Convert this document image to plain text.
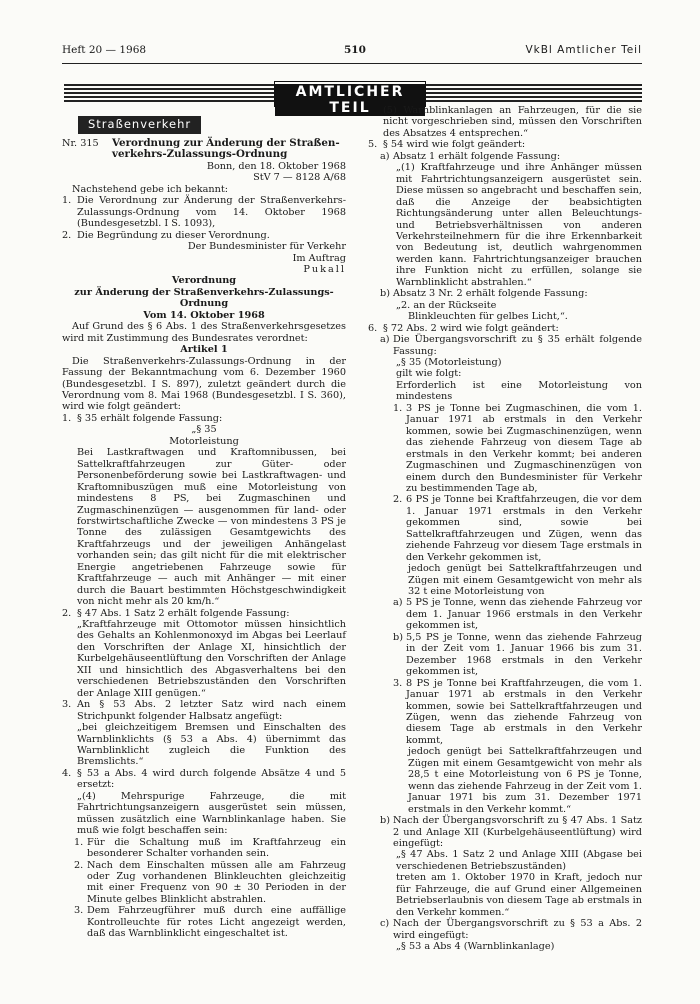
Heft 20 — 1968	510	VkBl Amtlicher Teil
AMTLICHER TEIL
Straßenverkehr
Nr. 315	Verordnung zur Änderung der Straßen-verkehrs-Zulassungs-Ordnung

Bonn, den 18. Oktober 1968

StV 7 — 8128 A/68

Nachstehend gebe ich bekannt:

1. Die Verordnung zur Änderung der Straßenverkehrs-Zulassungs-Ordnung vom 14. Oktober 1968 (Bundesgesetzbl. I S. 1093),
2. Die Begründung zu dieser Verordnung.

Der Bundesminister für Verkehr

Im Auftrag

Pukall

Verordnung

zur Änderung der Straßenverkehrs-Zulassungs-Ordnung

Vom 14. Oktober 1968

Auf Grund des § 6 Abs. 1 des Straßenverkehrsgesetzes wird mit Zustimmung des Bundesrates verordnet:

Artikel 1

Die Straßenverkehrs-Zulassungs-Ordnung in der Fassung der Bekanntmachung vom 6. Dezember 1960 (Bundesgesetzbl. I S. 897), zuletzt geändert durch die Verordnung vom 8. Mai 1968 (Bundesgesetzbl. I S. 360), wird wie folgt geändert:

1. § 35 erhält folgende Fassung:

„§ 35

Motorleistung

Bei Lastkraftwagen und Kraftomnibussen, bei Sattelkraftfahrzeugen zur Güter- oder Personenbeförderung sowie bei Lastkraftwagen- und Kraftomnibuszügen muß eine Motorleistung von mindestens 8 PS, bei Zugmaschinen und Zugmaschinenzügen — ausgenommen für land- oder forstwirtschaftliche Zwecke — von mindestens 3 PS je Tonne des zulässigen Gesamtgewichts des Kraftfahrzeugs und der jeweiligen Anhängelast vorhanden sein; das gilt nicht für die mit elektrischer Energie angetriebenen Fahrzeuge sowie für Kraftfahrzeuge — auch mit Anhänger — mit einer durch die Bauart bestimmten Höchstgeschwindigkeit von nicht mehr als 20 km/h.“

2. § 47 Abs. 1 Satz 2 erhält folgende Fassung:

„Kraftfahrzeuge mit Ottomotor müssen hinsichtlich des Gehalts an Kohlenmonoxyd im Abgas bei Leerlauf den Vorschriften der Anlage XI, hinsichtlich der Kurbelgehäuseentlüftung den Vorschriften der Anlage XII und hinsichtlich des Abgasverhaltens bei den verschiedenen Betriebszuständen den Vorschriften der Anlage XIII genügen.“

3. An § 53 Abs. 2 letzter Satz wird nach einem Strichpunkt folgender Halbsatz angefügt:

„bei gleichzeitigem Bremsen und Einschalten des Warnblinklichts (§ 53 a Abs. 4) übernimmt das Warnblinklicht zugleich die Funktion des Bremslichts.“

4. § 53 a Abs. 4 wird durch folgende Absätze 4 und 5 ersetzt:

„(4) Mehrspurige Fahrzeuge, die mit Fahrtrichtungsanzeigern ausgerüstet sein müssen, müssen zusätzlich eine Warnblinkanlage haben. Sie muß wie folgt beschaffen sein:

1. Für die Schaltung muß im Kraftfahrzeug ein besonderer Schalter vorhanden sein.
2. Nach dem Einschalten müssen alle am Fahrzeug oder Zug vorhandenen Blinkleuchten gleichzeitig mit einer Frequenz von 90 ± 30 Perioden in der Minute gelbes Blinklicht abstrahlen.
3. Dem Fahrzeugführer muß durch eine auffällige Kontrolleuchte für rotes Licht angezeigt werden, daß das Warnblinklicht eingeschaltet ist.

(5) Warnblinkanlagen an Fahrzeugen, für die sie nicht vorgeschrieben sind, müssen den Vorschriften des Absatzes 4 entsprechen.“

5. § 54 wird wie folgt geändert:
a) Absatz 1 erhält folgende Fassung:

„(1) Kraftfahrzeuge und ihre Anhänger müssen mit Fahrtrichtungsanzeigern ausgerüstet sein. Diese müssen so angebracht und beschaffen sein, daß die Anzeige der beabsichtigten Richtungsänderung unter allen Beleuchtungs- und Betriebsverhältnissen von anderen Verkehrsteilnehmern für die ihre Erkennbarkeit von Bedeutung ist, deutlich wahrgenommen werden kann. Fahrtrichtungsanzeiger brauchen ihre Funktion nicht zu erfüllen, solange sie Warnblinklicht abstrahlen.“

b) Absatz 3 Nr. 2 erhält folgende Fassung:

„2. an der Rückseite

Blinkleuchten für gelbes Licht,“.

6. § 72 Abs. 2 wird wie folgt geändert:
a) Die Übergangsvorschrift zu § 35 erhält folgende Fassung:

„§ 35 (Motorleistung)

gilt wie folgt:

Erforderlich ist eine Motorleistung von mindestens

1. 3 PS je Tonne bei Zugmaschinen, die vom 1. Januar 1971 ab erstmals in den Verkehr kommen, sowie bei Zugmaschinenzügen, wenn das ziehende Fahrzeug von diesem Tage ab erstmals in den Verkehr kommt; bei anderen Zugmaschinen und Zugmaschinenzügen von einem durch den Bundesminister für Verkehr zu bestimmenden Tage ab,
2. 6 PS je Tonne bei Kraftfahrzeugen, die vor dem 1. Januar 1971 erstmals in den Verkehr gekommen sind, sowie bei Sattelkraftfahrzeugen und Zügen, wenn das ziehende Fahrzeug vor diesem Tage erstmals in den Verkehr gekommen ist,

jedoch genügt bei Sattelkraftfahrzeugen und Zügen mit einem Gesamtgewicht von mehr als 32 t eine Motorleistung von

a) 5 PS je Tonne, wenn das ziehende Fahrzeug vor dem 1. Januar 1966 erstmals in den Verkehr gekommen ist,
b) 5,5 PS je Tonne, wenn das ziehende Fahrzeug in der Zeit vom 1. Januar 1966 bis zum 31. Dezember 1968 erstmals in den Verkehr gekommen ist,
3. 8 PS je Tonne bei Kraftfahrzeugen, die vom 1. Januar 1971 ab erstmals in den Verkehr kommen, sowie bei Sattelkraftfahrzeugen und Zügen, wenn das ziehende Fahrzeug von diesem Tage ab erstmals in den Verkehr kommt,

jedoch genügt bei Sattelkraftfahrzeugen und Zügen mit einem Gesamtgewicht von mehr als 28,5 t eine Motorleistung von 6 PS je Tonne, wenn das ziehende Fahrzeug in der Zeit vom 1. Januar 1971 bis zum 31. Dezember 1971 erstmals in den Verkehr kommt.“

b) Nach der Übergangsvorschrift zu § 47 Abs. 1 Satz 2 und Anlage XII (Kurbelgehäuseentlüftung) wird eingefügt:

„§ 47 Abs. 1 Satz 2 und Anlage XIII (Abgase bei verschiedenen Betriebszuständen)

treten am 1. Oktober 1970 in Kraft, jedoch nur für Fahrzeuge, die auf Grund einer Allgemeinen Betriebserlaubnis von diesem Tage ab erstmals in den Verkehr kommen.“

c) Nach der Übergangsvorschrift zu § 53 a Abs. 2 wird eingefügt:

„§ 53 a Abs 4 (Warnblinkanlage)
